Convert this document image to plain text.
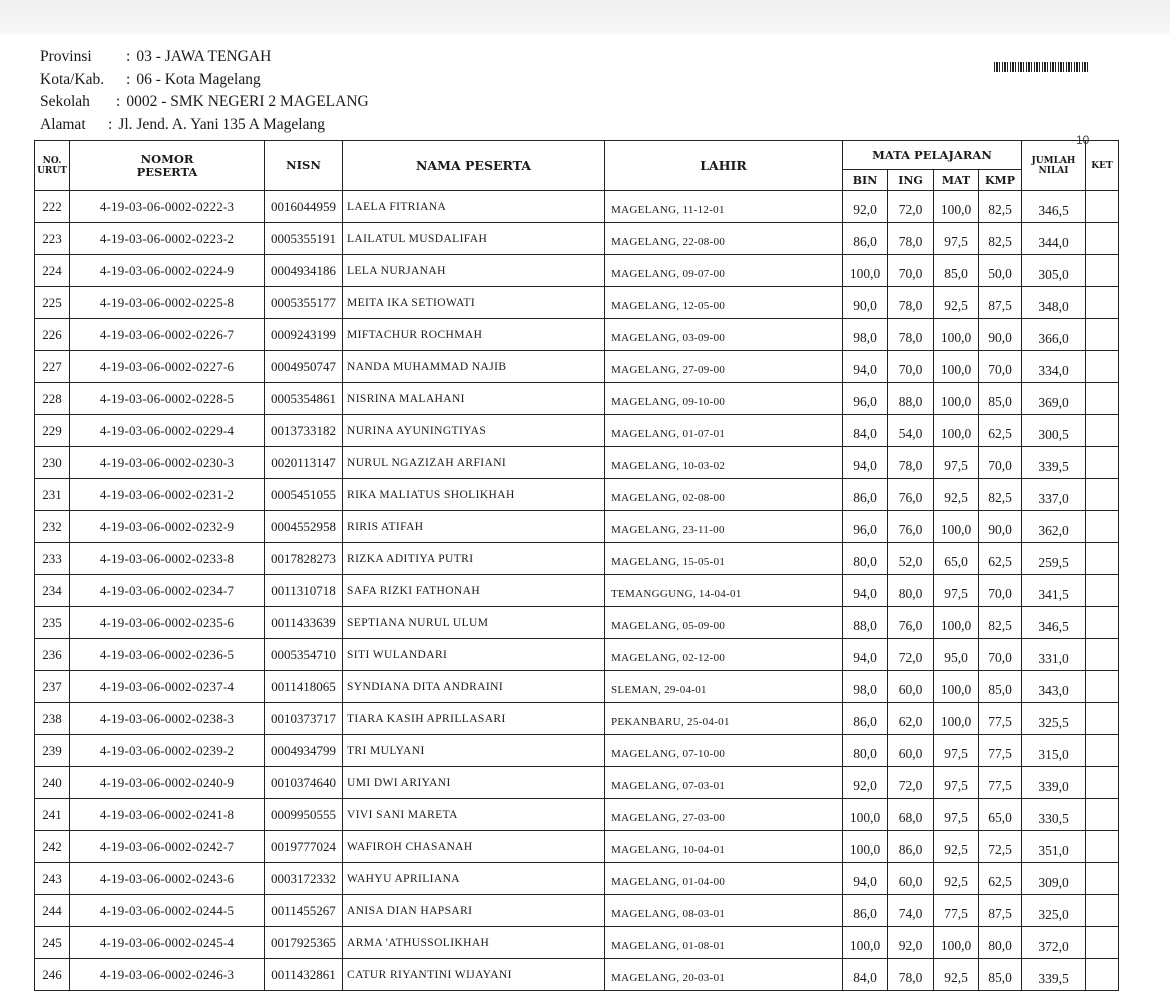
Provinsi	: 03 - JAWA TENGAH
Kota/Kab.	: 06 - Kota Magelang
Sekolah	: 0002 - SMK NEGERI 2 MAGELANG
Alamat	: Jl. Jend. A. Yani 135 A Magelang
10
NO. URUT	NOMOR PESERTA	NISN	NAMA PESERTA	LAHIR	MATA PELAJARAN				JUMLAH NILAI	KET
					BIN	ING	MAT	KMP		
222	4-19-03-06-0002-0222-3	0016044959	LAELA FITRIANA	MAGELANG, 11-12-01	92,0	72,0	100,0	82,5	346,5	
223	4-19-03-06-0002-0223-2	0005355191	LAILATUL MUSDALIFAH	MAGELANG, 22-08-00	86,0	78,0	97,5	82,5	344,0	
224	4-19-03-06-0002-0224-9	0004934186	LELA NURJANAH	MAGELANG, 09-07-00	100,0	70,0	85,0	50,0	305,0	
225	4-19-03-06-0002-0225-8	0005355177	MEITA IKA SETIOWATI	MAGELANG, 12-05-00	90,0	78,0	92,5	87,5	348,0	
226	4-19-03-06-0002-0226-7	0009243199	MIFTACHUR ROCHMAH	MAGELANG, 03-09-00	98,0	78,0	100,0	90,0	366,0	
227	4-19-03-06-0002-0227-6	0004950747	NANDA MUHAMMAD NAJIB	MAGELANG, 27-09-00	94,0	70,0	100,0	70,0	334,0	
228	4-19-03-06-0002-0228-5	0005354861	NISRINA MALAHANI	MAGELANG, 09-10-00	96,0	88,0	100,0	85,0	369,0	
229	4-19-03-06-0002-0229-4	0013733182	NURINA AYUNINGTIYAS	MAGELANG, 01-07-01	84,0	54,0	100,0	62,5	300,5	
230	4-19-03-06-0002-0230-3	0020113147	NURUL NGAZIZAH ARFIANI	MAGELANG, 10-03-02	94,0	78,0	97,5	70,0	339,5	
231	4-19-03-06-0002-0231-2	0005451055	RIKA MALIATUS SHOLIKHAH	MAGELANG, 02-08-00	86,0	76,0	92,5	82,5	337,0	
232	4-19-03-06-0002-0232-9	0004552958	RIRIS ATIFAH	MAGELANG, 23-11-00	96,0	76,0	100,0	90,0	362,0	
233	4-19-03-06-0002-0233-8	0017828273	RIZKA ADITIYA PUTRI	MAGELANG, 15-05-01	80,0	52,0	65,0	62,5	259,5	
234	4-19-03-06-0002-0234-7	0011310718	SAFA RIZKI FATHONAH	TEMANGGUNG, 14-04-01	94,0	80,0	97,5	70,0	341,5	
235	4-19-03-06-0002-0235-6	0011433639	SEPTIANA NURUL ULUM	MAGELANG, 05-09-00	88,0	76,0	100,0	82,5	346,5	
236	4-19-03-06-0002-0236-5	0005354710	SITI WULANDARI	MAGELANG, 02-12-00	94,0	72,0	95,0	70,0	331,0	
237	4-19-03-06-0002-0237-4	0011418065	SYNDIANA DITA ANDRAINI	SLEMAN, 29-04-01	98,0	60,0	100,0	85,0	343,0	
238	4-19-03-06-0002-0238-3	0010373717	TIARA KASIH APRILLASARI	PEKANBARU, 25-04-01	86,0	62,0	100,0	77,5	325,5	
239	4-19-03-06-0002-0239-2	0004934799	TRI MULYANI	MAGELANG, 07-10-00	80,0	60,0	97,5	77,5	315,0	
240	4-19-03-06-0002-0240-9	0010374640	UMI DWI ARIYANI	MAGELANG, 07-03-01	92,0	72,0	97,5	77,5	339,0	
241	4-19-03-06-0002-0241-8	0009950555	VIVI SANI MARETA	MAGELANG, 27-03-00	100,0	68,0	97,5	65,0	330,5	
242	4-19-03-06-0002-0242-7	0019777024	WAFIROH CHASANAH	MAGELANG, 10-04-01	100,0	86,0	92,5	72,5	351,0	
243	4-19-03-06-0002-0243-6	0003172332	WAHYU APRILIANA	MAGELANG, 01-04-00	94,0	60,0	92,5	62,5	309,0	
244	4-19-03-06-0002-0244-5	0011455267	ANISA DIAN HAPSARI	MAGELANG, 08-03-01	86,0	74,0	77,5	87,5	325,0	
245	4-19-03-06-0002-0245-4	0017925365	ARMA 'ATHUSSOLIKHAH	MAGELANG, 01-08-01	100,0	92,0	100,0	80,0	372,0	
246	4-19-03-06-0002-0246-3	0011432861	CATUR RIYANTINI WIJAYANI	MAGELANG, 20-03-01	84,0	78,0	92,5	85,0	339,5	
